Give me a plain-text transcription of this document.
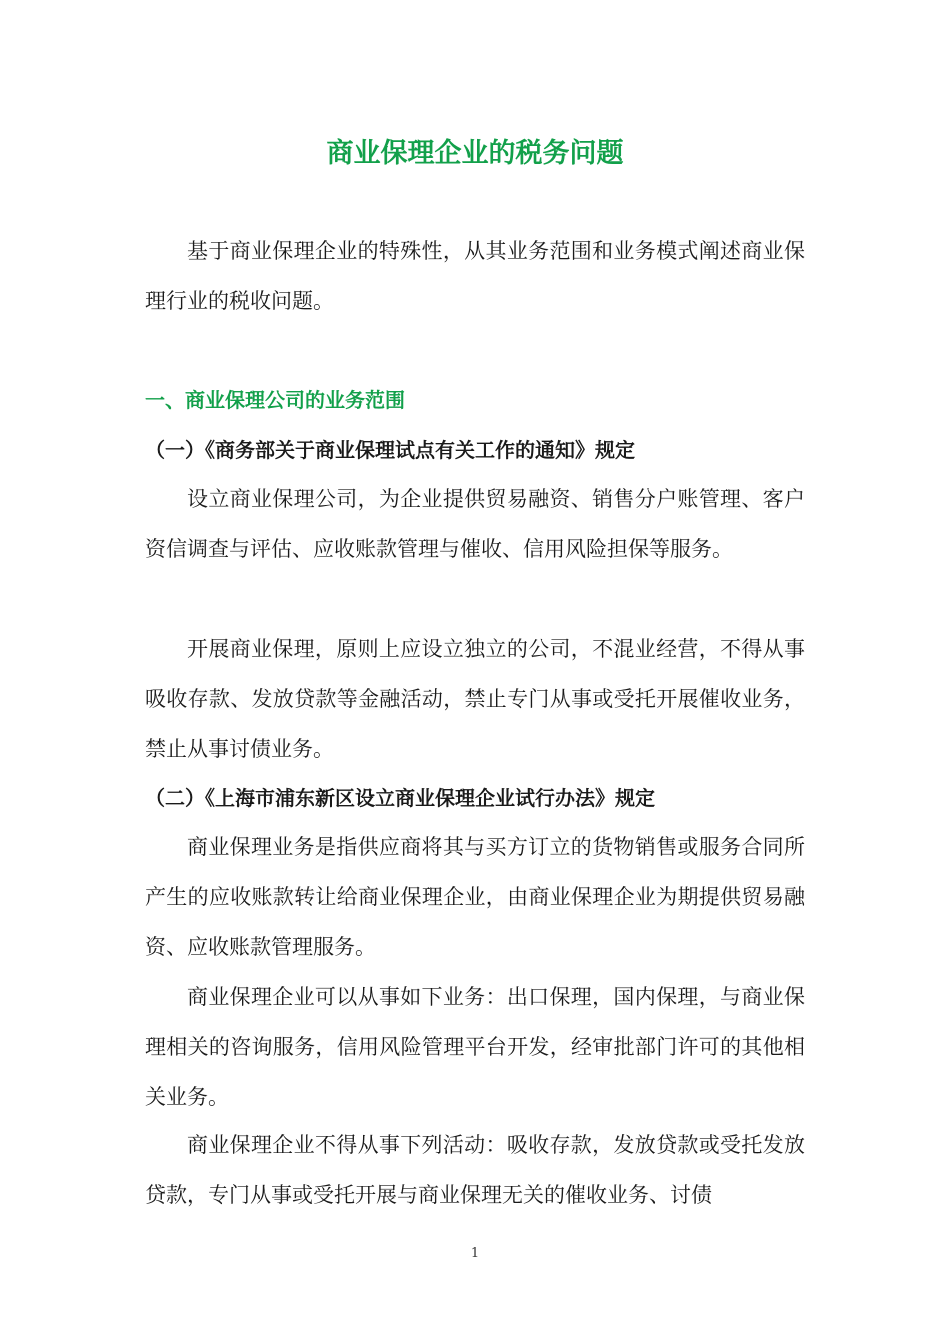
商业保理企业的税务问题

基于商业保理企业的特殊性，从其业务范围和业务模式阐述商业保理行业的税收问题。

一、商业保理公司的业务范围
（一）《商务部关于商业保理试点有关工作的通知》规定

设立商业保理公司，为企业提供贸易融资、销售分户账管理、客户资信调查与评估、应收账款管理与催收、信用风险担保等服务。

开展商业保理，原则上应设立独立的公司，不混业经营，不得从事吸收存款、发放贷款等金融活动，禁止专门从事或受托开展催收业务，禁止从事讨债业务。

（二）《上海市浦东新区设立商业保理企业试行办法》规定

商业保理业务是指供应商将其与买方订立的货物销售或服务合同所产生的应收账款转让给商业保理企业，由商业保理企业为期提供贸易融资、应收账款管理服务。

商业保理企业可以从事如下业务：出口保理，国内保理，与商业保理相关的咨询服务，信用风险管理平台开发，经审批部门许可的其他相关业务。

商业保理企业不得从事下列活动：吸收存款，发放贷款或受托发放贷款，专门从事或受托开展与商业保理无关的催收业务、讨债

1
